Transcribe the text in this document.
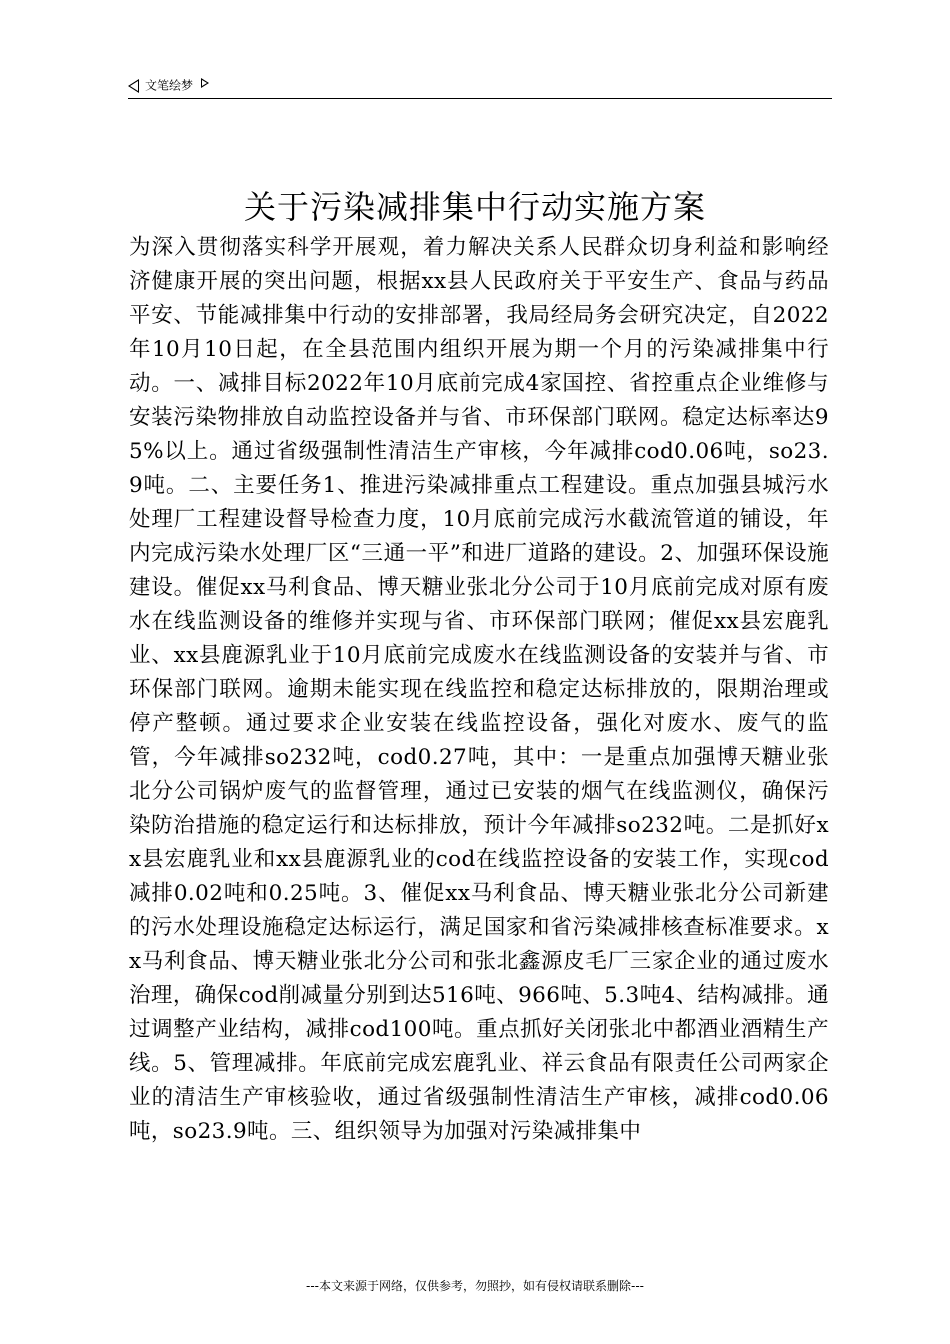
文笔绘梦
关于污染减排集中行动实施方案

为深入贯彻落实科学开展观，着力解决关系人民群众切身利益和影响经济健康开展的突出问题，根据xx县人民政府关于平安生产、食品与药品平安、节能减排集中行动的安排部署，我局经局务会研究决定，自2022年10月10日起，在全县范围内组织开展为期一个月的污染减排集中行动。一、减排目标2022年10月底前完成4家国控、省控重点企业维修与安装污染物排放自动监控设备并与省、市环保部门联网。稳定达标率达95%以上。通过省级强制性清洁生产审核，今年减排cod0.06吨，so23.9吨。二、主要任务1、推进污染减排重点工程建设。重点加强县城污水处理厂工程建设督导检查力度，10月底前完成污水截流管道的铺设，年内完成污染水处理厂区“三通一平”和进厂道路的建设。2、加强环保设施建设。催促xx马利食品、博天糖业张北分公司于10月底前完成对原有废水在线监测设备的维修并实现与省、市环保部门联网；催促xx县宏鹿乳业、xx县鹿源乳业于10月底前完成废水在线监测设备的安装并与省、市环保部门联网。逾期未能实现在线监控和稳定达标排放的，限期治理或停产整顿。通过要求企业安装在线监控设备，强化对废水、废气的监管，今年减排so232吨，cod0.27吨，其中：一是重点加强博天糖业张北分公司锅炉废气的监督管理，通过已安装的烟气在线监测仪，确保污染防治措施的稳定运行和达标排放，预计今年减排so232吨。二是抓好xx县宏鹿乳业和xx县鹿源乳业的cod在线监控设备的安装工作，实现cod减排0.02吨和0.25吨。3、催促xx马利食品、博天糖业张北分公司新建的污水处理设施稳定达标运行，满足国家和省污染减排核查标准要求。xx马利食品、博天糖业张北分公司和张北鑫源皮毛厂三家企业的通过废水治理，确保cod削减量分别到达516吨、966吨、5.3吨4、结构减排。通过调整产业结构，减排cod100吨。重点抓好关闭张北中都酒业酒精生产线。5、管理减排。年底前完成宏鹿乳业、祥云食品有限责任公司两家企业的清洁生产审核验收，通过省级强制性清洁生产审核，减排cod0.06吨，so23.9吨。三、组织领导为加强对污染减排集中

---本文来源于网络，仅供参考，勿照抄，如有侵权请联系删除---
